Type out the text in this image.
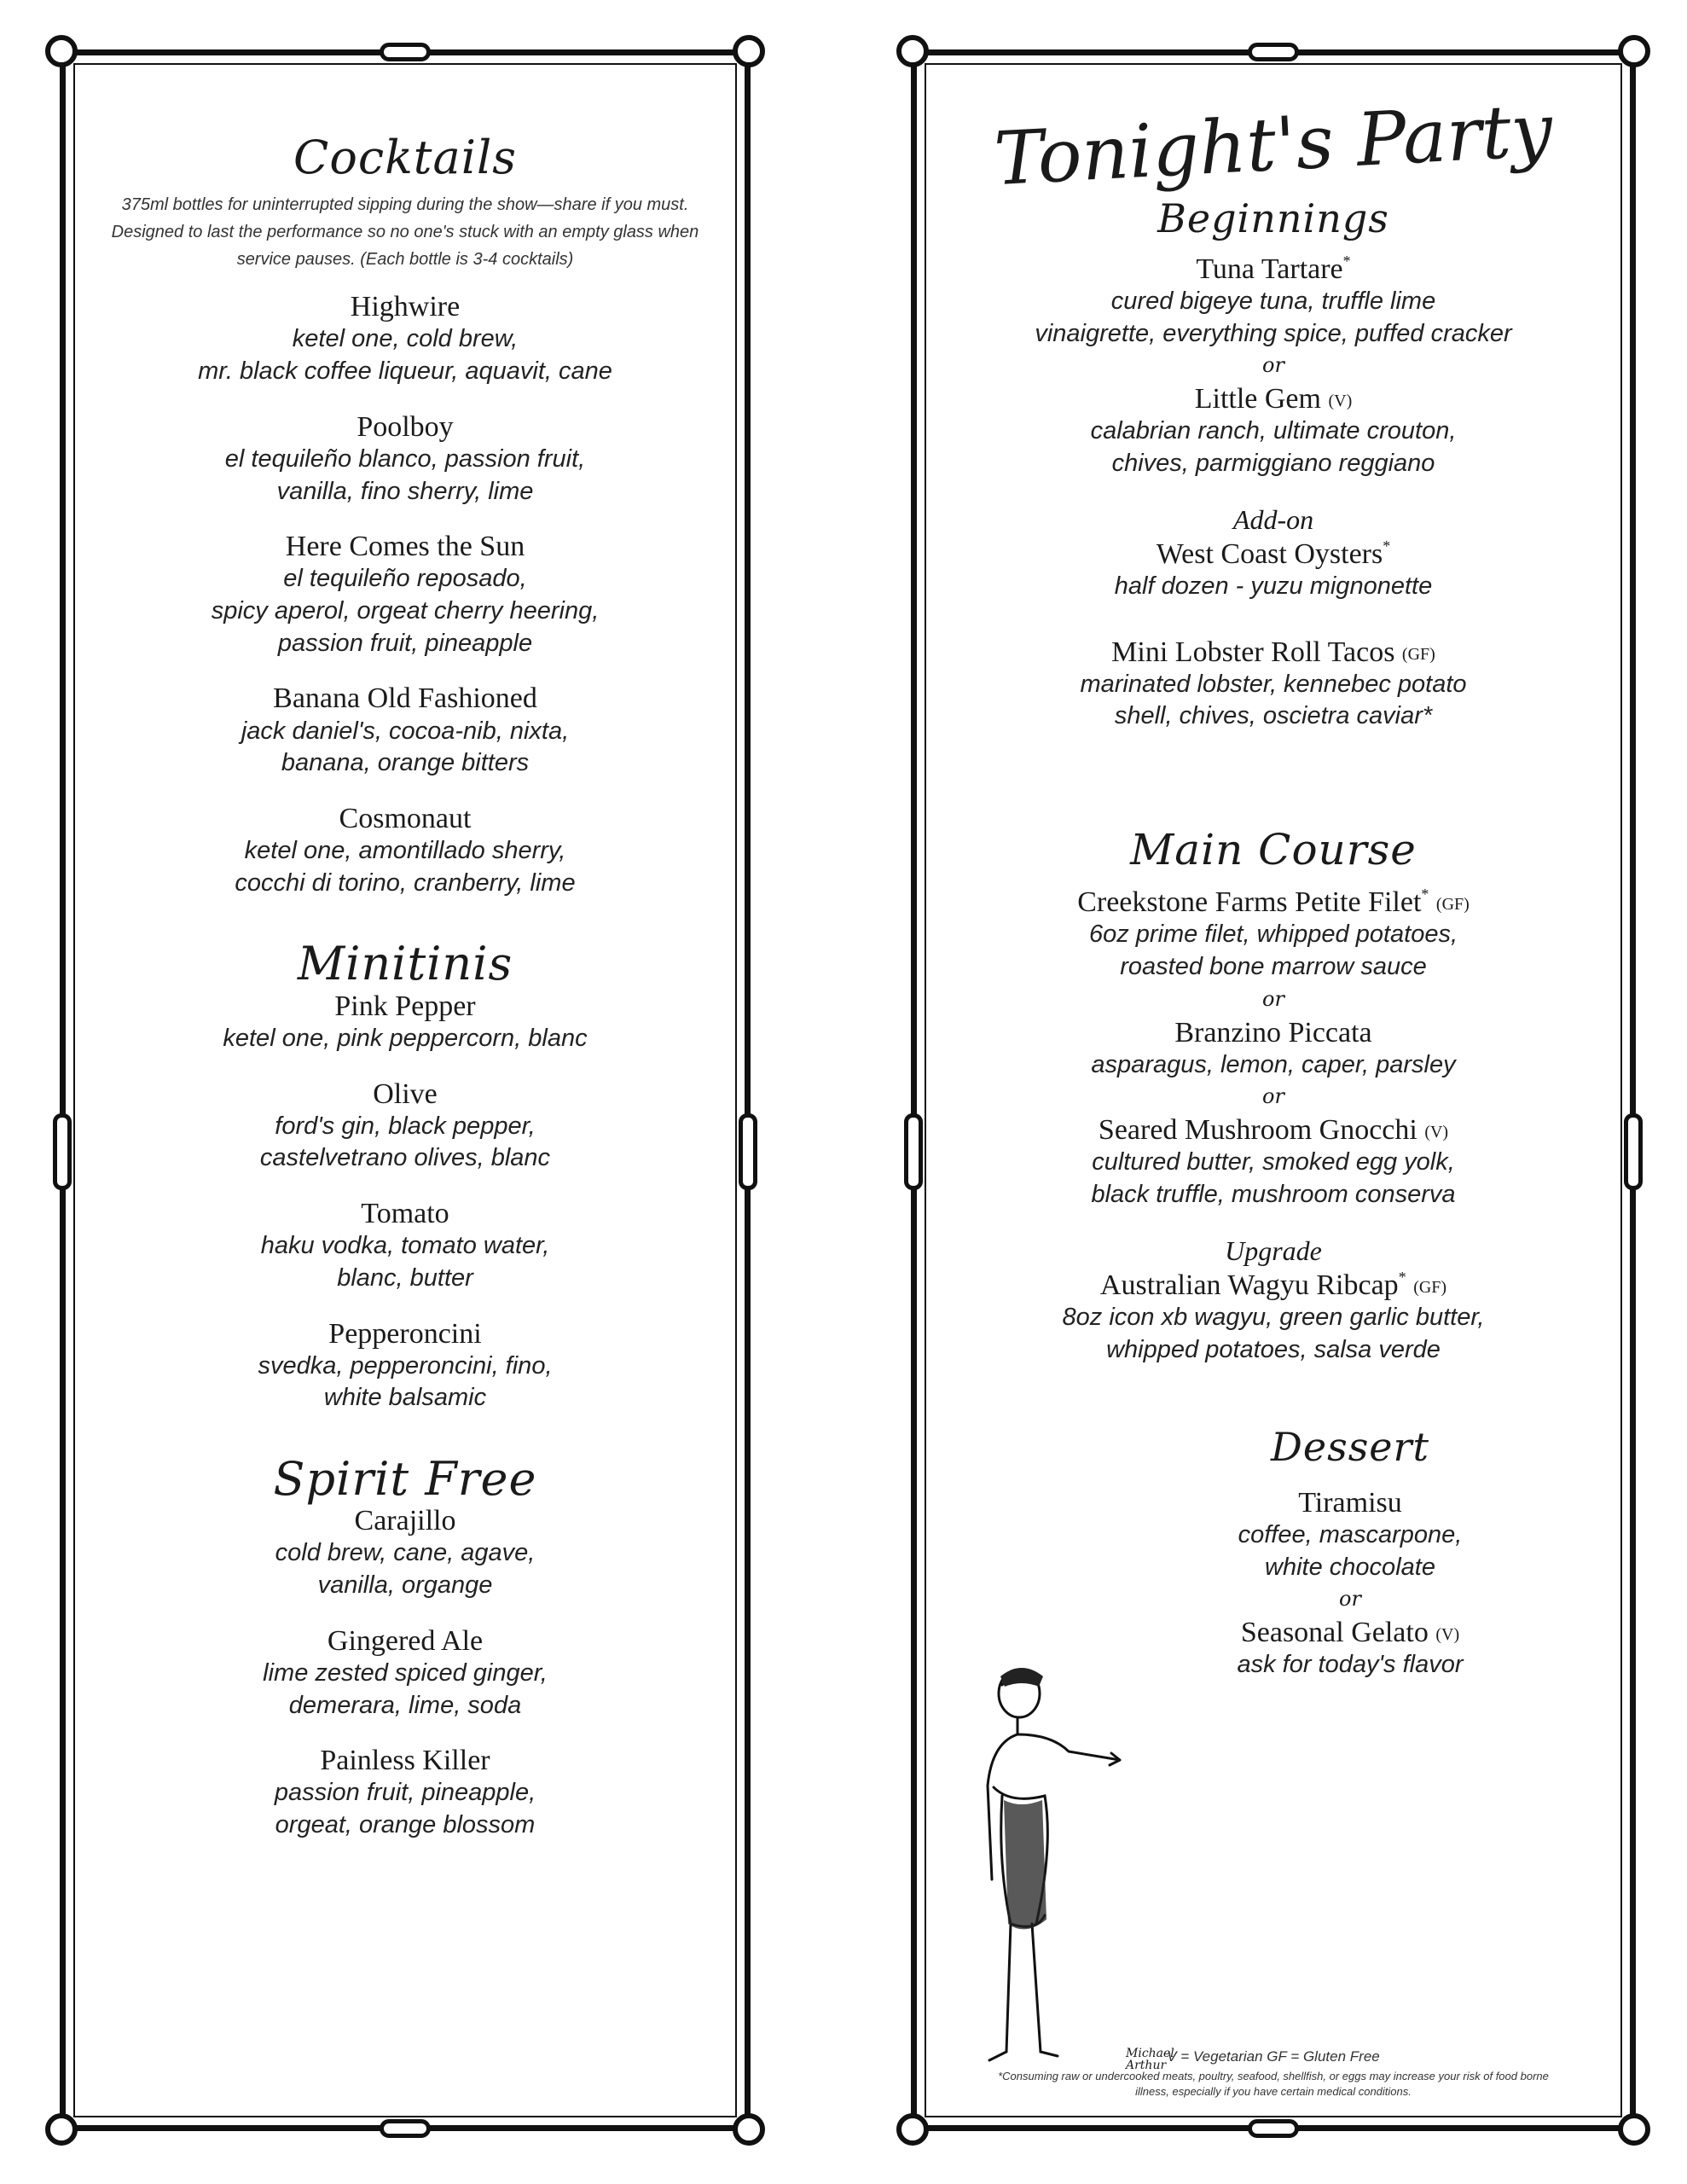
Cocktails
375ml bottles for uninterrupted sipping during the show—share if you must. Designed to last the performance so no one's stuck with an empty glass when service pauses. (Each bottle is 3-4 cocktails)
Highwire
ketel one, cold brew,
mr. black coffee liqueur, aquavit, cane
Poolboy
el tequileño blanco, passion fruit,
vanilla, fino sherry, lime
Here Comes the Sun
el tequileño reposado,
spicy aperol, orgeat cherry heering,
passion fruit, pineapple
Banana Old Fashioned
jack daniel's, cocoa-nib, nixta,
banana, orange bitters
Cosmonaut
ketel one, amontillado sherry,
cocchi di torino, cranberry, lime
Minitinis
Pink Pepper
ketel one, pink peppercorn, blanc
Olive
ford's gin, black pepper,
castelvetrano olives, blanc
Tomato
haku vodka, tomato water,
blanc, butter
Pepperoncini
svedka, pepperoncini, fino,
white balsamic
Spirit Free
Carajillo
cold brew, cane, agave,
vanilla, organge
Gingered Ale
lime zested spiced ginger,
demerara, lime, soda
Painless Killer
passion fruit, pineapple,
orgeat, orange blossom
Tonight's Party
Beginnings
Tuna Tartare*
cured bigeye tuna, truffle lime
vinaigrette, everything spice, puffed cracker
or
Little Gem (V)
calabrian ranch, ultimate crouton,
chives, parmiggiano reggiano
Add-on
West Coast Oysters*
half dozen - yuzu mignonette
Mini Lobster Roll Tacos (GF)
marinated lobster, kennebec potato
shell, chives, oscietra caviar*
Main Course
Creekstone Farms Petite Filet* (GF)
6oz prime filet, whipped potatoes,
roasted bone marrow sauce
or
Branzino Piccata
asparagus, lemon, caper, parsley
or
Seared Mushroom Gnocchi (V)
cultured butter, smoked egg yolk,
black truffle, mushroom conserva
Upgrade
Australian Wagyu Ribcap* (GF)
8oz icon xb wagyu, green garlic butter,
whipped potatoes, salsa verde
Dessert
Tiramisu
coffee, mascarpone,
white chocolate
or
Seasonal Gelato (V)
ask for today's flavor
Michael
Arthur
V = Vegetarian GF = Gluten Free
*Consuming raw or undercooked meats, poultry, seafood, shellfish, or eggs may increase your risk of food borne illness, especially if you have certain medical conditions.
